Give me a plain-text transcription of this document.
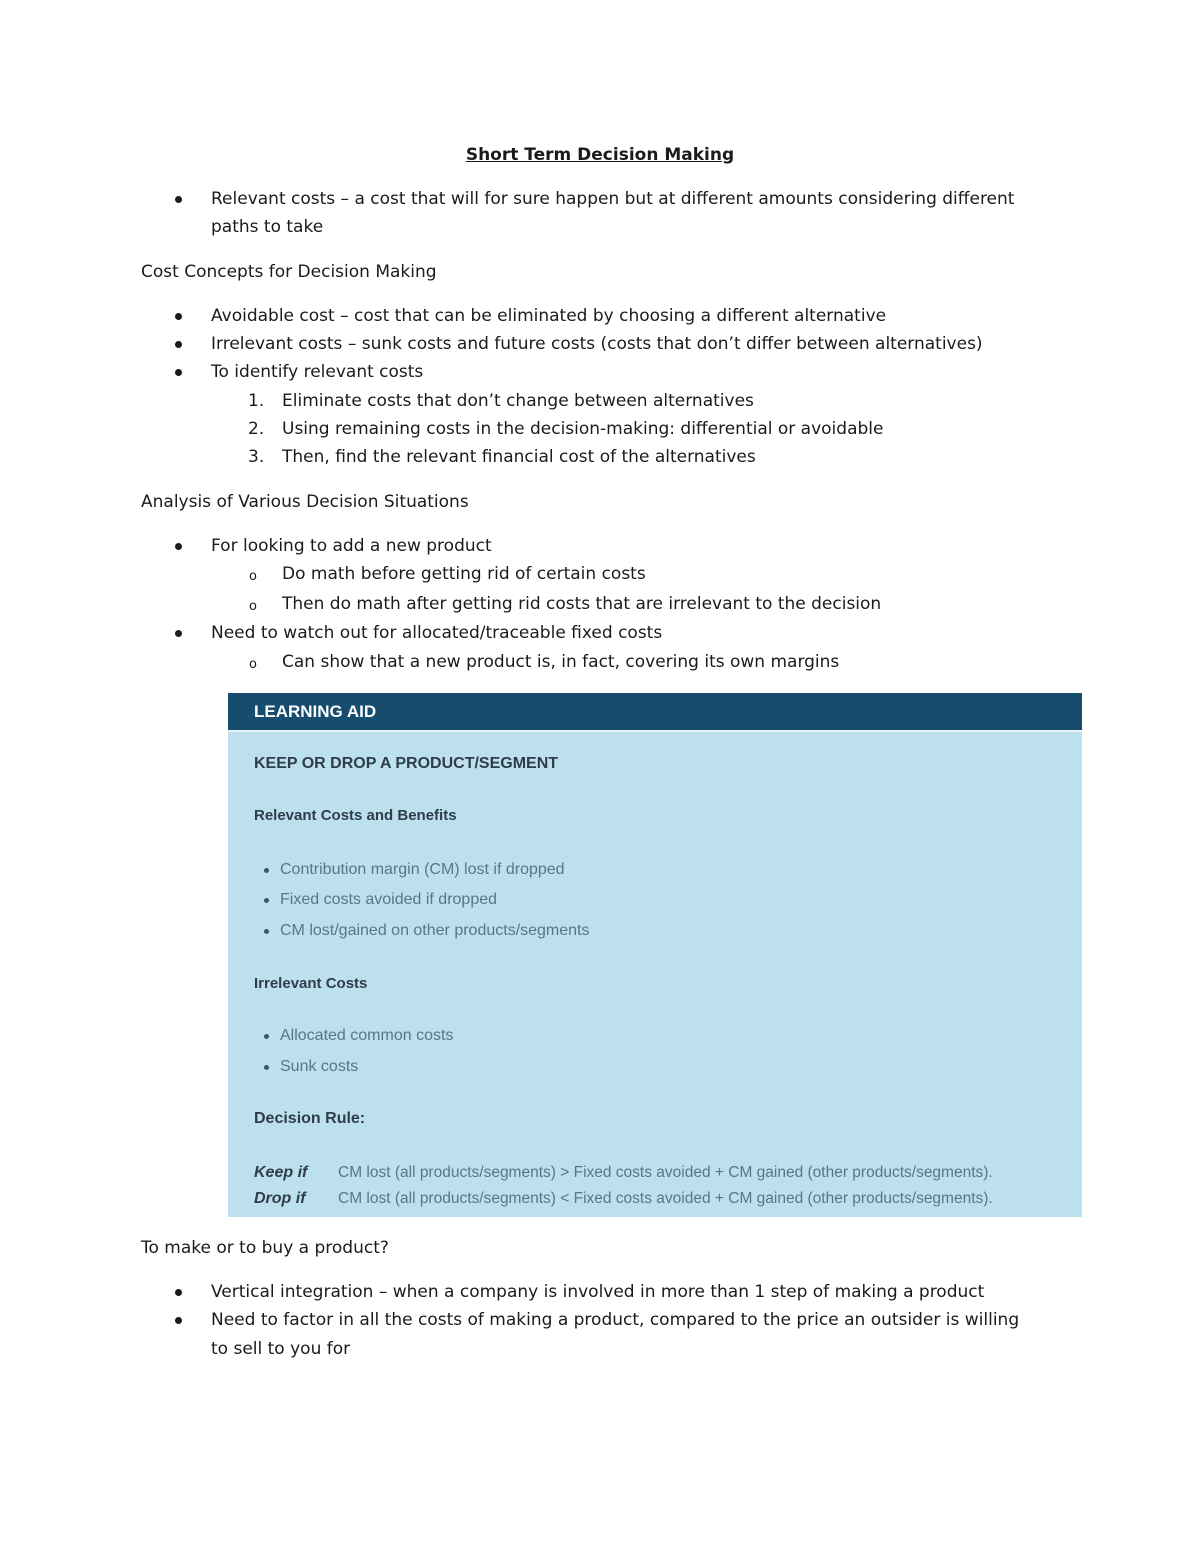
Short Term Decision Making
Relevant costs – a cost that will for sure happen but at different amounts considering different
paths to take
Cost Concepts for Decision Making
Avoidable cost – cost that can be eliminated by choosing a different alternative
Irrelevant costs – sunk costs and future costs (costs that don’t differ between alternatives)
To identify relevant costs
1. Eliminate costs that don’t change between alternatives
2. Using remaining costs in the decision-making: differential or avoidable
3. Then, find the relevant financial cost of the alternatives
Analysis of Various Decision Situations
For looking to add a new product
o Do math before getting rid of certain costs
o Then do math after getting rid costs that are irrelevant to the decision
Need to watch out for allocated/traceable fixed costs
o Can show that a new product is, in fact, covering its own margins
LEARNING AID
KEEP OR DROP A PRODUCT/SEGMENT
Relevant Costs and Benefits
Contribution margin (CM) lost if dropped
Fixed costs avoided if dropped
CM lost/gained on other products/segments
Irrelevant Costs
Allocated common costs
Sunk costs
Decision Rule:
Keep if CM lost (all products/segments) > Fixed costs avoided + CM gained (other products/segments).
Drop if CM lost (all products/segments) < Fixed costs avoided + CM gained (other products/segments).
To make or to buy a product?
Vertical integration – when a company is involved in more than 1 step of making a product
Need to factor in all the costs of making a product, compared to the price an outsider is willing
to sell to you for
